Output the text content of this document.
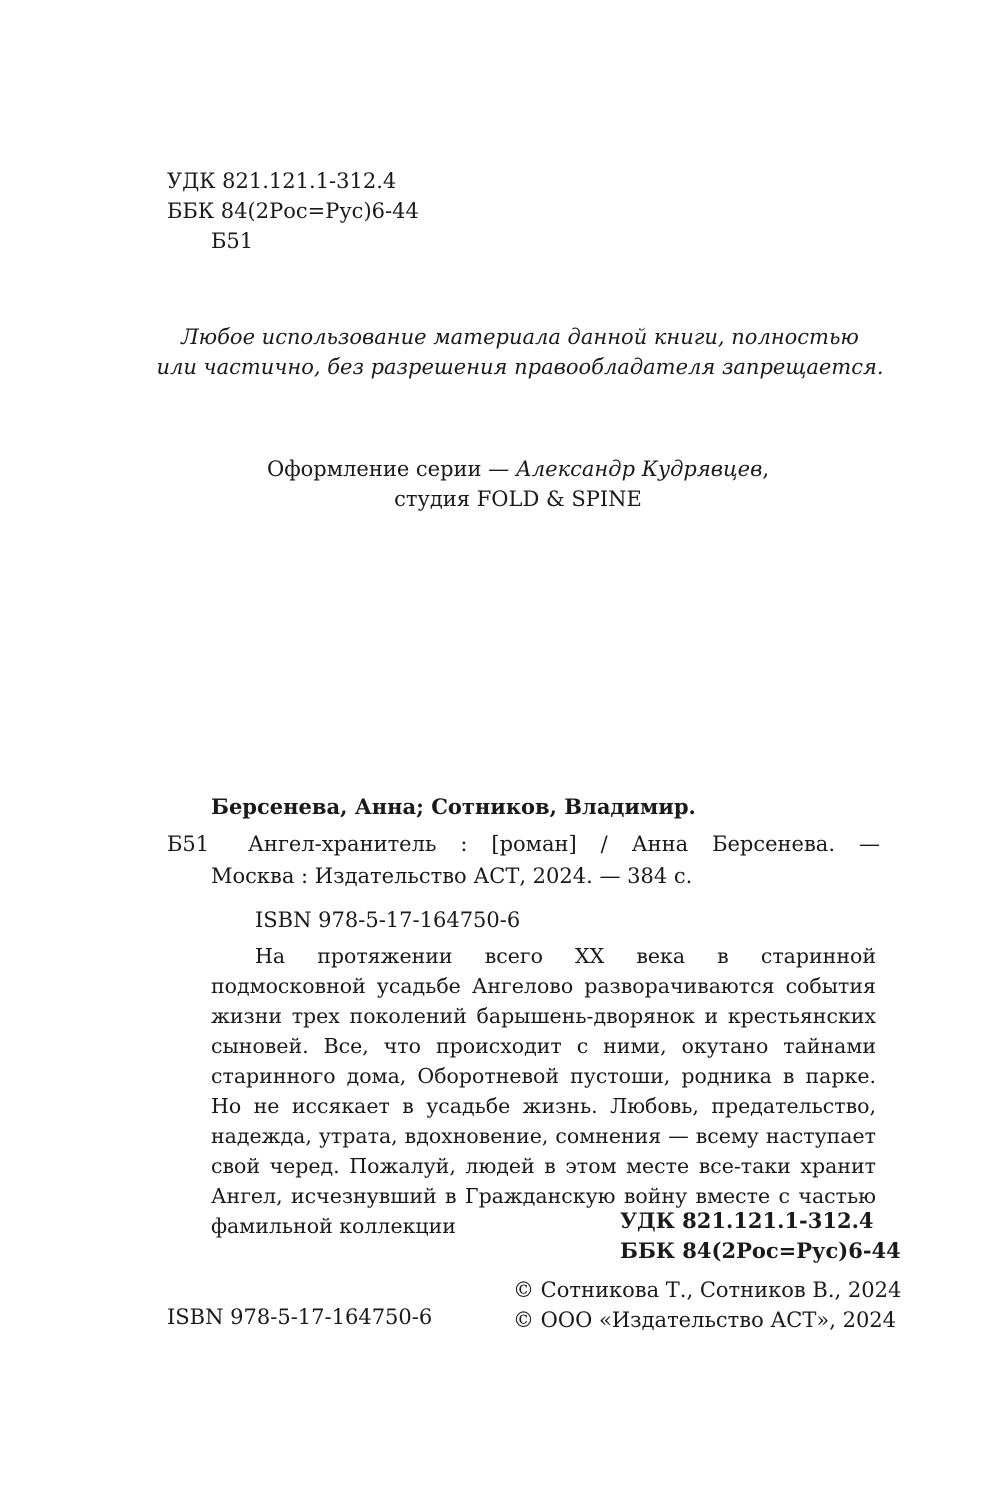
УДК 821.121.1-312.4
ББК 84(2Рос=Рус)6-44
Б51
Любое использование материала данной книги, полностью
или частично, без разрешения правообладателя запрещается.
Оформление серии — Александр Кудрявцев,
студия FOLD & SPINE
Берсенева, Анна; Сотников, Владимир.
Б51 Ангел-хранитель : [роман] / Анна Берсенева. —
Москва : Издательство АСТ, 2024. — 384 с.
ISBN 978-5-17-164750-6

На протяжении всего XX века в старинной подмосковной усадьбе Ангелово разворачиваются события жизни трех поколений барышень-дворянок и крестьянских сыновей. Все, что происходит с ними, окутано тайнами старинного дома, Оборотневой пустоши, родника в парке. Но не иссякает в усадьбе жизнь. Любовь, предательство, надежда, утрата, вдохновение, сомнения — всему наступает свой черед. Пожалуй, людей в этом месте все-таки хранит Ангел, исчезнувший в Гражданскую войну вместе с частью фамильной коллекции	УДК 821.121.1-312.4
ББК 84(2Рос=Рус)6-44
ISBN 978-5-17-164750-6
© Сотникова Т., Сотников В., 2024
© ООО «Издательство АСТ», 2024
